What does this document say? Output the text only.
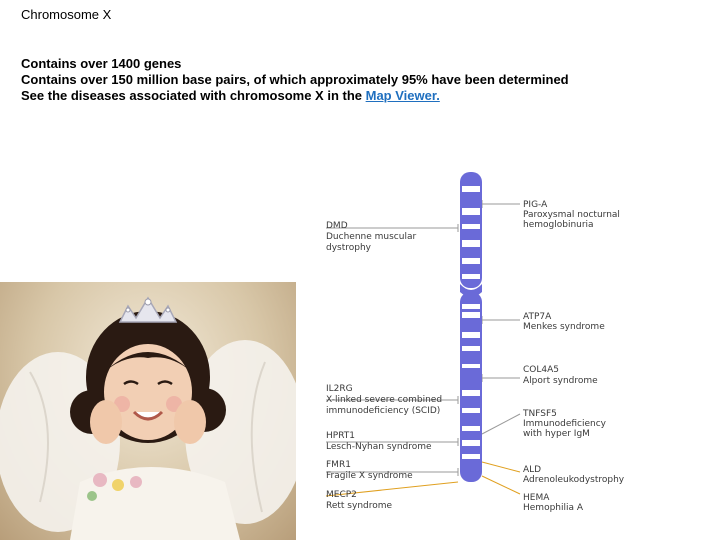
Chromosome X
Contains over 1400 genes
Contains over 150 million base pairs, of which approximately 95% have been determined
See the diseases associated with chromosome X in the Map Viewer.
PIG-A
Paroxysmal nocturnal
hemoglobinuria
ATP7A
Menkes syndrome
COL4A5
Alport syndrome
TNFSF5
Immunodeficiency
with hyper IgM
ALD
Adrenoleukodystrophy
HEMA
Hemophilia A
DMD
Duchenne muscular
dystrophy
IL2RG
X-linked severe combined
immunodeficiency (SCID)
HPRT1
Lesch-Nyhan syndrome
FMR1
Fragile X syndrome
MECP2
Rett syndrome
